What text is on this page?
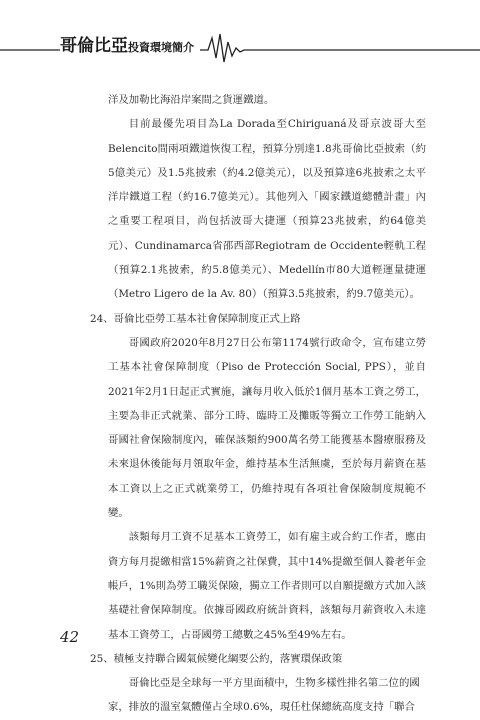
哥倫比亞投資環境簡介

洋及加勒比海沿岸案間之貨運鐵道。

目前最優先項目為La Dorada至Chiriguaná及哥京波哥大至Belencito間兩項鐵道恢復工程，預算分別達1.8兆哥倫比亞披索（約5億美元）及1.5兆披索（約4.2億美元），以及預算達6兆披索之太平洋岸鐵道工程（約16.7億美元）。其他列入「國家鐵道總體計畫」內之重要工程項目，尚包括波哥大捷運（預算23兆披索，約64億美元）、Cundinamarca省邵西部Regiotram de Occidente輕軌工程（預算2.1兆披索，約5.8億美元）、Medellín市80大道輕運量捷運（Metro Ligero de la Av. 80）（預算3.5兆披索，約9.7億美元）。

24、哥倫比亞勞工基本社會保障制度正式上路

哥國政府2020年8月27日公布第1174號行政命令，宣布建立勞工基本社會保障制度（Piso de Protección Social, PPS），並自2021年2月1日起正式實施，讓每月收入低於1個月基本工資之勞工，主要為非正式就業、部分工時、臨時工及攤販等獨立工作勞工能納入哥國社會保險制度內，確保該類約900萬名勞工能獲基本醫療服務及未來退休後能每月領取年金，維持基本生活無虞，至於每月薪資在基本工資以上之正式就業勞工，仍維持現有各項社會保險制度規範不變。

該類每月工資不足基本工資勞工，如有雇主或合約工作者，應由資方每月提繳相當15%薪資之社保費，其中14%提繳至個人養老年金帳戶，1%則為勞工職災保險，獨立工作者則可以自願提繳方式加入該基礎社會保障制度。依據哥國政府統計資料，該類每月薪資收入未達基本工資勞工，占哥國勞工總數之45%至49%左右。

25、積極支持聯合國氣候變化綱要公約，落實環保政策

哥倫比亞是全球每一平方里面積中，生物多樣性排名第二位的國家，排放的溫室氣體僅占全球0.6%，現任杜保總統高度支持「聯合

42
